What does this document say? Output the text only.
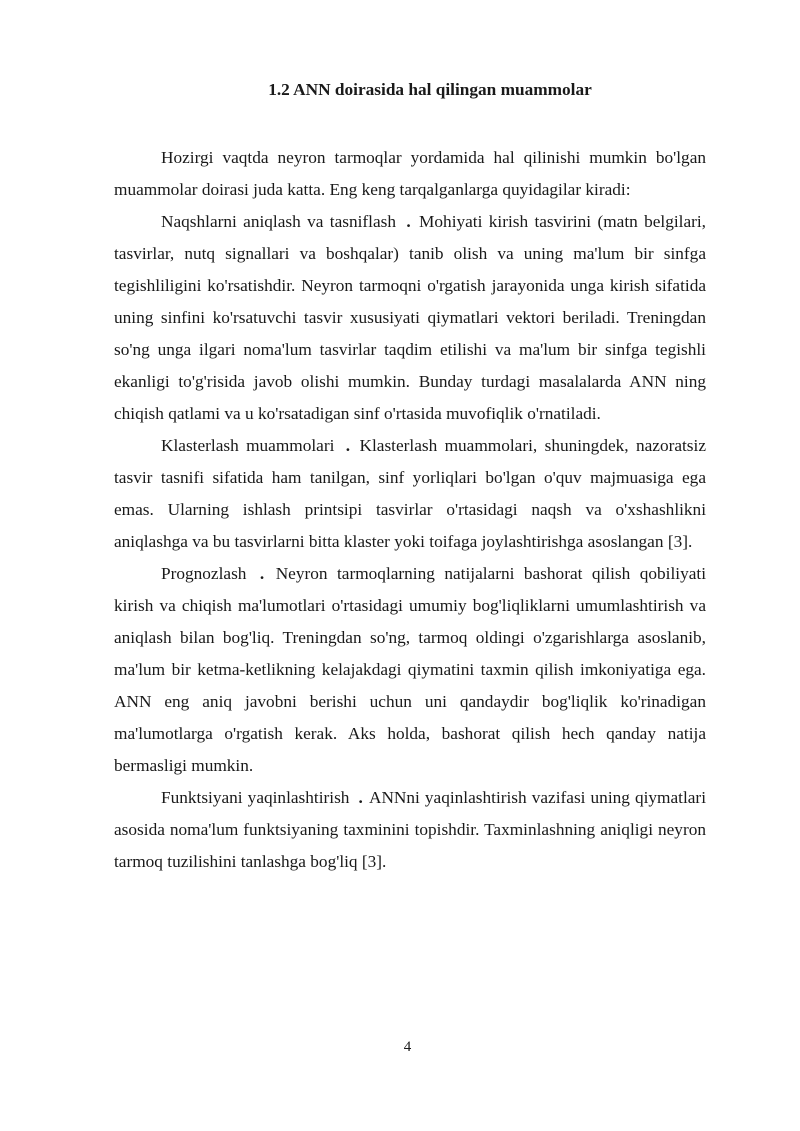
1.2 ANN doirasida hal qilingan muammolar

Hozirgi vaqtda neyron tarmoqlar yordamida hal qilinishi mumkin bo'lgan muammolar doirasi juda katta. Eng keng tarqalganlarga quyidagilar kiradi:

Naqshlarni aniqlash va tasniflash . Mohiyati kirish tasvirini (matn belgilari, tasvirlar, nutq signallari va boshqalar) tanib olish va uning ma'lum bir sinfga tegishliligini ko'rsatishdir. Neyron tarmoqni o'rgatish jarayonida unga kirish sifatida uning sinfini ko'rsatuvchi tasvir xususiyati qiymatlari vektori beriladi. Treningdan so'ng unga ilgari noma'lum tasvirlar taqdim etilishi va ma'lum bir sinfga tegishli ekanligi to'g'risida javob olishi mumkin. Bunday turdagi masalalarda ANN ning chiqish qatlami va u ko'rsatadigan sinf o'rtasida muvofiqlik o'rnatiladi.

Klasterlash muammolari . Klasterlash muammolari, shuningdek, nazoratsiz tasvir tasnifi sifatida ham tanilgan, sinf yorliqlari bo'lgan o'quv majmuasiga ega emas. Ularning ishlash printsipi tasvirlar o'rtasidagi naqsh va o'xshashlikni aniqlashga va bu tasvirlarni bitta klaster yoki toifaga joylashtirishga asoslangan [3].

Prognozlash . Neyron tarmoqlarning natijalarni bashorat qilish qobiliyati kirish va chiqish ma'lumotlari o'rtasidagi umumiy bog'liqliklarni umumlashtirish va aniqlash bilan bog'liq. Treningdan so'ng, tarmoq oldingi o'zgarishlarga asoslanib, ma'lum bir ketma-ketlikning kelajakdagi qiymatini taxmin qilish imkoniyatiga ega. ANN eng aniq javobni berishi uchun uni qandaydir bog'liqlik ko'rinadigan ma'lumotlarga o'rgatish kerak. Aks holda, bashorat qilish hech qanday natija bermasligi mumkin.

Funktsiyani yaqinlashtirish . ANNni yaqinlashtirish vazifasi uning qiymatlari asosida noma'lum funktsiyaning taxminini topishdir. Taxminlashning aniqligi neyron tarmoq tuzilishini tanlashga bog'liq [3].

4
